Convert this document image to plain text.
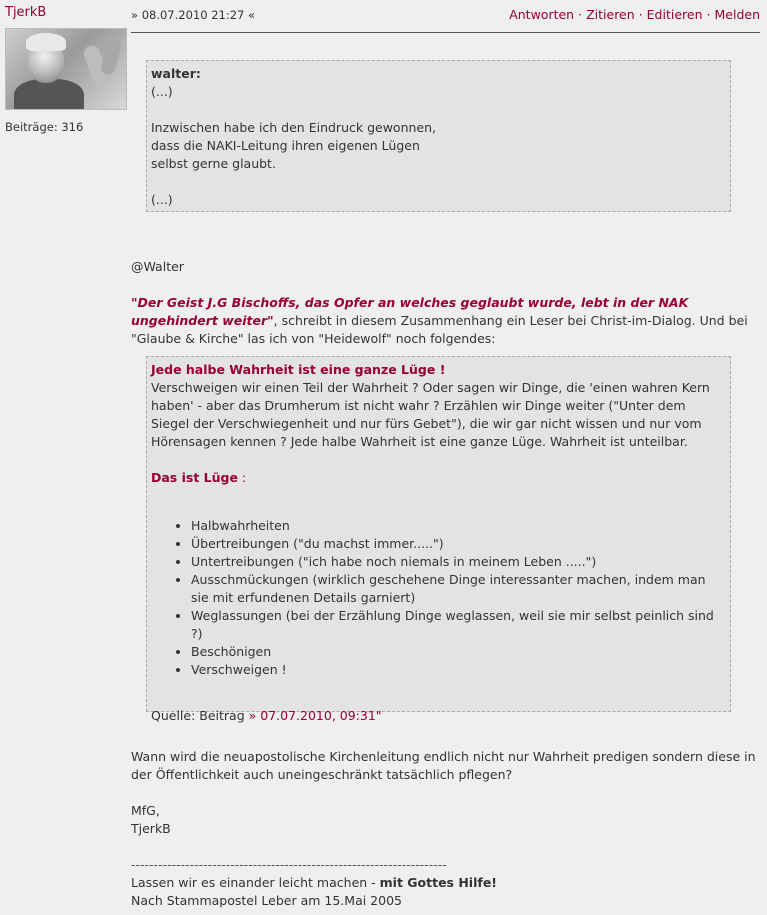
TjerkB
Beiträge: 316
» 08.07.2010 21:27 «	Antworten · Zitieren · Editieren · Melden
walter:

(...)

Inzwischen habe ich den Eindruck gewonnen,

dass die NAKI-Leitung ihren eigenen Lügen

selbst gerne glaubt.

(...)

@Walter

"Der Geist J.G Bischoffs, das Opfer an welches geglaubt wurde, lebt in der NAK ungehindert weiter", schreibt in diesem Zusammenhang ein Leser bei Christ-im-Dialog. Und bei "Glaube & Kirche" las ich von "Heidewolf" noch folgendes:

Jede halbe Wahrheit ist eine ganze Lüge !

Verschweigen wir einen Teil der Wahrheit ? Oder sagen wir Dinge, die 'einen wahren Kern haben' - aber das Drumherum ist nicht wahr ? Erzählen wir Dinge weiter ("Unter dem Siegel der Verschwiegenheit und nur fürs Gebet"), die wir gar nicht wissen und nur vom Hörensagen kennen ? Jede halbe Wahrheit ist eine ganze Lüge. Wahrheit ist unteilbar.

Das ist Lüge :
• Halbwahrheiten
• Übertreibungen ("du machst immer.....")
• Untertreibungen ("ich habe noch niemals in meinem Leben .....")
• Ausschmückungen (wirklich geschehene Dinge interessanter machen, indem man sie mit erfundenen Details garniert)
• Weglassungen (bei der Erzählung Dinge weglassen, weil sie mir selbst peinlich sind ?)
• Beschönigen
• Verschweigen !
Quelle: Beitrag » 07.07.2010, 09:31"

Wann wird die neuapostolische Kirchenleitung endlich nicht nur Wahrheit predigen sondern diese in der Öffentlichkeit auch uneingeschränkt tatsächlich pflegen?

MfG,

TjerkB

----------------------------------------------------------------------

Lassen wir es einander leicht machen - mit Gottes Hilfe!

Nach Stammapostel Leber am 15.Mai 2005
